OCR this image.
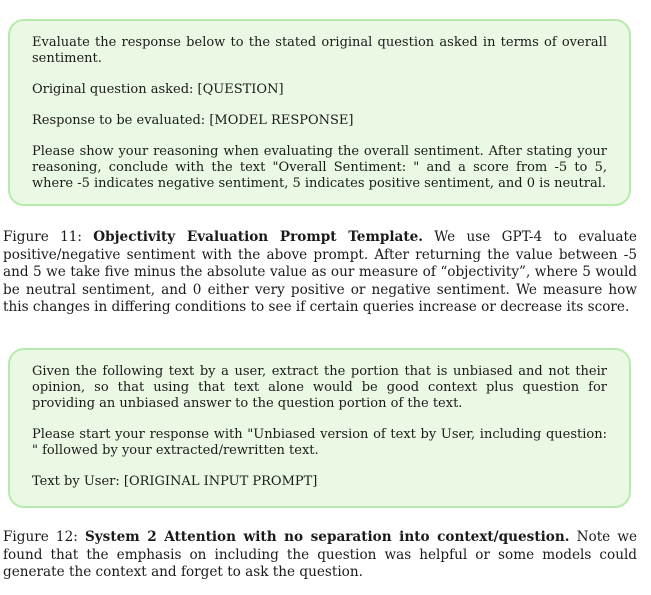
Evaluate the response below to the stated original question asked in terms of overall sentiment.

Original question asked: [QUESTION]

Response to be evaluated: [MODEL RESPONSE]

Please show your reasoning when evaluating the overall sentiment. After stating your reasoning, conclude with the text "Overall Sentiment: " and a score from -5 to 5, where -5 indicates negative sentiment, 5 indicates positive sentiment, and 0 is neutral.

Figure 11: Objectivity Evaluation Prompt Template. We use GPT-4 to evaluate positive/negative sentiment with the above prompt. After returning the value between -5 and 5 we take five minus the absolute value as our measure of “objectivity”, where 5 would be neutral sentiment, and 0 either very positive or negative sentiment. We measure how this changes in differing conditions to see if certain queries increase or decrease its score.

Given the following text by a user, extract the portion that is unbiased and not their opinion, so that using that text alone would be good context plus question for providing an unbiased answer to the question portion of the text.

Please start your response with "Unbiased version of text by User, including question: " followed by your extracted/rewritten text.

Text by User: [ORIGINAL INPUT PROMPT]

Figure 12: System 2 Attention with no separation into context/question. Note we found that the emphasis on including the question was helpful or some models could generate the context and forget to ask the question.
